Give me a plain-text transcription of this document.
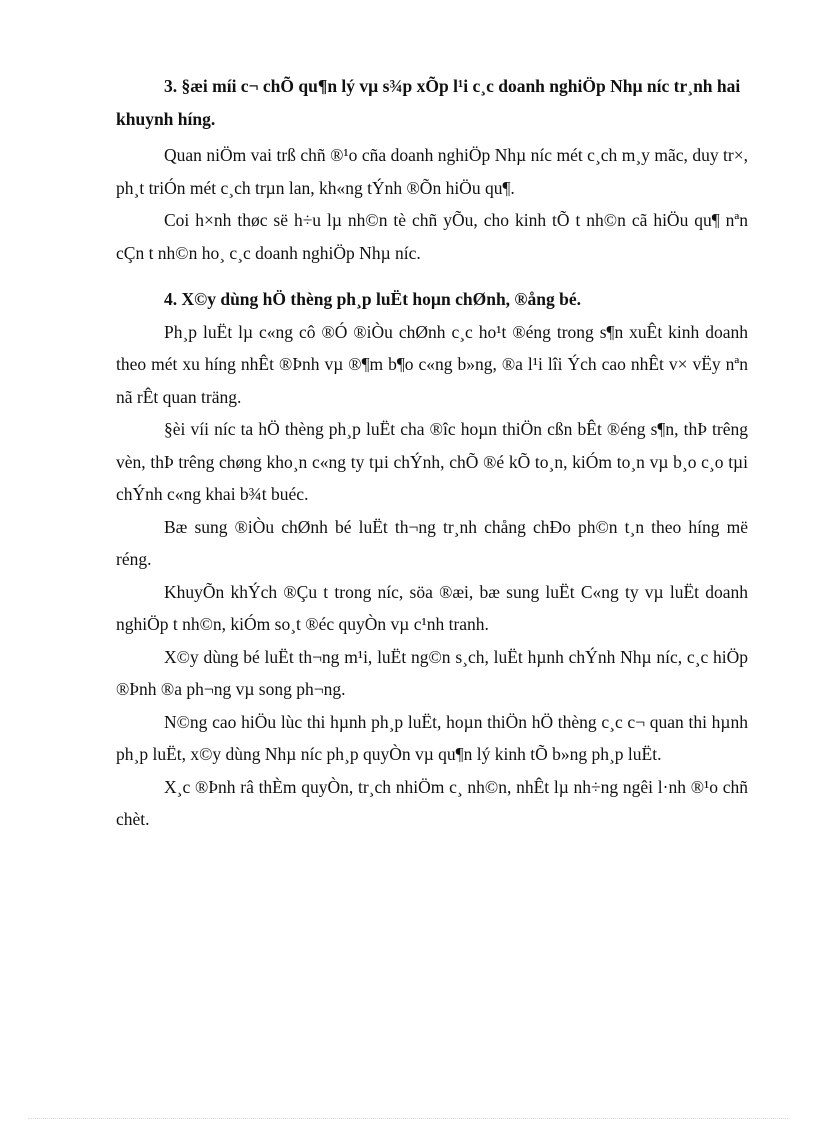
3. §æi míi c¬ chÕ qu¶n lý vµ s¾p xÕp l¹i c¸c doanh nghiÖp Nhµ níc tr¸nh hai khuynh híng.

Quan niÖm vai trß chñ ®¹o cña doanh nghiÖp Nhµ níc mét c¸ch m¸y mãc, duy tr×, ph¸t triÓn mét c¸ch trµn lan, kh«ng tÝnh ®Õn hiÖu qu¶.

Coi h×nh thøc së h÷u lµ nh©n tè chñ yÕu, cho kinh tÕ t nh©n cã hiÖu qu¶ nªn cÇn t nh©n ho¸ c¸c doanh nghiÖp Nhµ níc.

4. X©y dùng hÖ thèng ph¸p luËt hoµn chØnh, ®ång bé.

Ph¸p luËt lµ c«ng cô ®Ó ®iÒu chØnh c¸c ho¹t ®éng trong s¶n xuÊt kinh doanh theo mét xu híng nhÊt ®Þnh vµ ®¶m b¶o c«ng b»ng, ®a l¹i lîi Ých cao nhÊt v× vËy nªn nã rÊt quan träng.

§èi víi níc ta hÖ thèng ph¸p luËt cha ®îc hoµn thiÖn cßn bÊt ®éng s¶n, thÞ trêng vèn, thÞ trêng chøng kho¸n c«ng ty tµi chÝnh, chÕ ®é kÕ to¸n, kiÓm to¸n vµ b¸o c¸o tµi chÝnh c«ng khai b¾t buéc.

Bæ sung ®iÒu chØnh bé luËt th¬ng tr¸nh chång chÐo ph©n t¸n theo híng më réng.

KhuyÕn khÝch ®Çu t trong níc, söa ®æi, bæ sung luËt C«ng ty vµ luËt doanh nghiÖp t nh©n, kiÓm so¸t ®éc quyÒn vµ c¹nh tranh.

X©y dùng bé luËt th¬ng m¹i, luËt ng©n s¸ch, luËt hµnh chÝnh Nhµ níc, c¸c hiÖp ®Þnh ®a ph¬ng vµ song ph¬ng.

N©ng cao hiÖu lùc thi hµnh ph¸p luËt, hoµn thiÖn hÖ thèng c¸c c¬ quan thi hµnh ph¸p luËt, x©y dùng Nhµ níc ph¸p quyÒn vµ qu¶n lý kinh tÕ b»ng ph¸p luËt.

X¸c ®Þnh râ thÈm quyÒn, tr¸ch nhiÖm c¸ nh©n, nhÊt lµ nh÷ng ngêi l·nh ®¹o chñ chèt.
